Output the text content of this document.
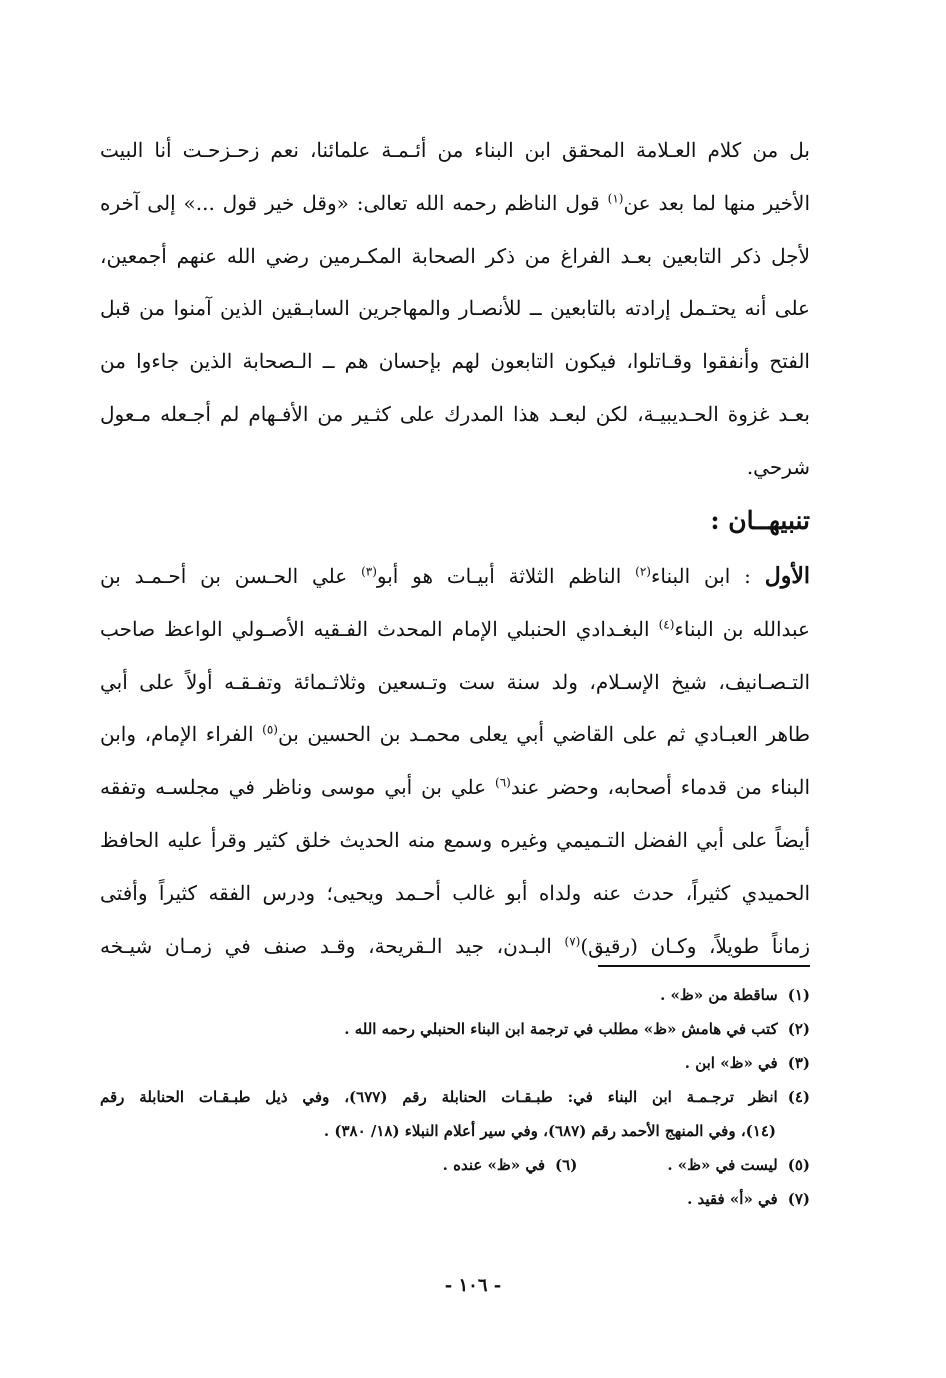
بل من كلام العـلامة المحقق ابن البناء من أئـمـة علمائنا، نعم زحـزحـت أنا البيت
الأخير منها لما بعد عن$^{(١)}$ قول الناظم رحمه الله تعالى: «وقل خير قول ...» إلى آخره
لأجل ذكر التابعين بعـد الفراغ من ذكر الصحابة المكـرمين رضي الله عنهم أجمعين،
على أنه يحتـمل إرادته بالتابعين ــ للأنصـار والمهاجرين السابـقين الذين آمنوا من قبل
الفتح وأنفقوا وقـاتلوا، فيكون التابعون لهم بإحسان هم ــ الـصحابة الذين جاءوا من
بعـد غزوة الحـديبيـة، لكن لبعـد هذا المدرك على كثـير من الأفـهام لم أجـعله مـعول
شرحي.
تنبيهــان :
الأول : ابن البناء$^{(٢)}$ الناظم الثلاثة أبيـات هو أبو$^{(٣)}$ علي الحـسن بن أحـمـد بن
عبدالله بن البناء$^{(٤)}$ البغـدادي الحنبلي الإمام المحدث الفـقيه الأصـولي الواعظ صاحب
التـصـانيف، شيخ الإسـلام، ولد سنة ست وتـسعين وثلاثـمائة وتفـقـه أولاً على أبي
طاهر العبـادي ثم على القاضي أبي يعلى محمـد بن الحسين بن$^{(٥)}$ الفراء الإمام، وابن
البناء من قدماء أصحابه، وحضر عند$^{(٦)}$ علي بن أبي موسى وناظر في مجلسـه وتفقه
أيضاً على أبي الفضل التـميمي وغيره وسمع منه الحديث خلق كثير وقرأ عليه الحافظ
الحميدي كثيراً، حدث عنه ولداه أبو غالب أحـمد ويحيى؛ ودرس الفقه كثيراً وأفتى
زماناً طويلاً، وكـان (رقيق)$^{(٧)}$ البـدن، جيد الـقريحة، وقـد صنف في زمـان شيـخه
(١)ساقطة من «ظ» .
(٢)كتب في هامش «ظ» مطلب في ترجمة ابن البناء الحنبلي رحمه الله .
(٣)في «ظ» ابن .
(٤)انظر ترجـمـة ابن البناء في: طبـقـات الحنابلة رقم (٦٧٧)، وفي ذيل طبـقـات الحنابلة رقم
(١٤)، وفي المنهج الأحمد رقم (٦٨٧)، وفي سير أعلام النبلاء (١٨/ ٣٨٠) .
(٥)ليست في «ظ» .(٦)في «ظ» عنده .
(٧)في «أ» فقيد .
- ١٠٦ -
